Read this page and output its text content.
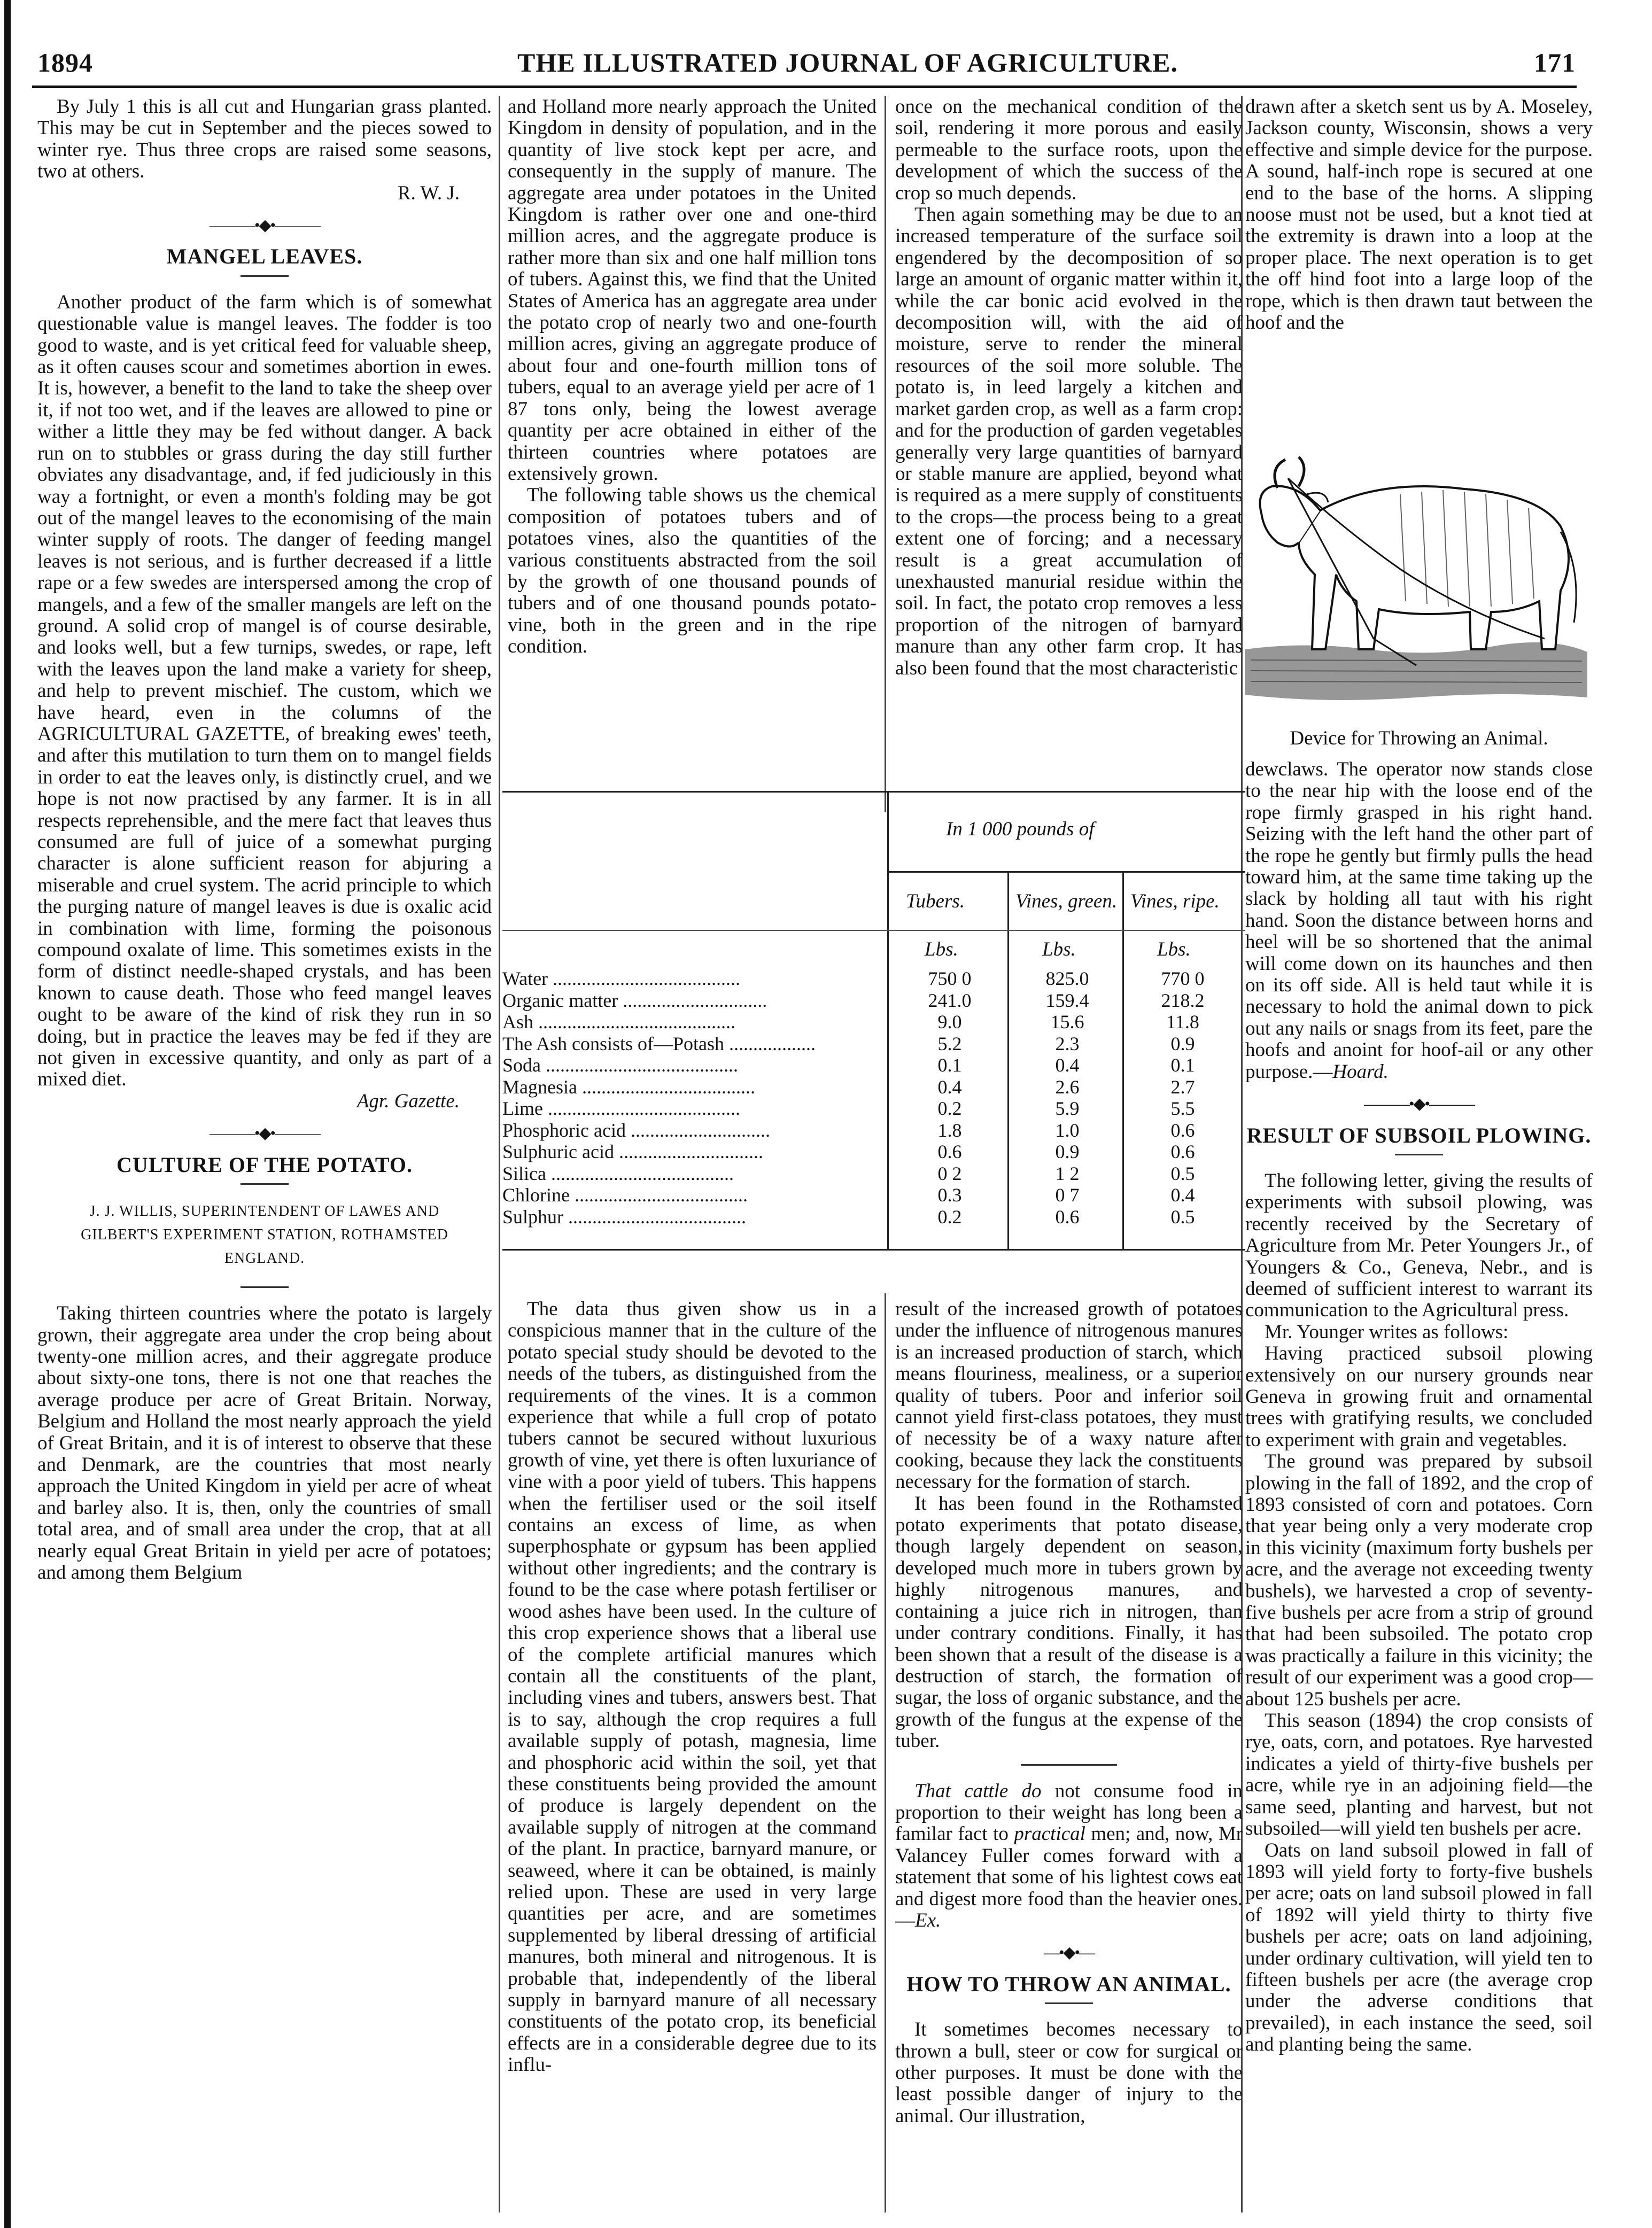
1894	THE ILLUSTRATED JOURNAL OF AGRICULTURE.	171

By July 1 this is all cut and Hungarian grass planted. This may be cut in September and the pieces sowed to winter rye. Thus three crops are raised some seasons, two at others.

R. W. J.

———•◆•———
MANGEL LEAVES.

Another product of the farm which is of somewhat questionable value is mangel leaves. The fodder is too good to waste, and is yet critical feed for valuable sheep, as it often causes scour and sometimes abortion in ewes. It is, however, a benefit to the land to take the sheep over it, if not too wet, and if the leaves are allowed to pine or wither a little they may be fed without danger. A back run on to stubbles or grass during the day still further obviates any disadvantage, and, if fed judiciously in this way a fortnight, or even a month's folding may be got out of the mangel leaves to the economising of the main winter supply of roots. The danger of feeding mangel leaves is not serious, and is further decreased if a little rape or a few swedes are interspersed among the crop of mangels, and a few of the smaller mangels are left on the ground. A solid crop of mangel is of course desirable, and looks well, but a few turnips, swedes, or rape, left with the leaves upon the land make a variety for sheep, and help to prevent mischief. The custom, which we have heard, even in the columns of the AGRICULTURAL GAZETTE, of breaking ewes' teeth, and after this mutilation to turn them on to mangel fields in order to eat the leaves only, is distinctly cruel, and we hope is not now practised by any farmer. It is in all respects reprehensible, and the mere fact that leaves thus consumed are full of juice of a somewhat purging character is alone sufficient reason for abjuring a miserable and cruel system. The acrid principle to which the purging nature of mangel leaves is due is oxalic acid in combination with lime, forming the poisonous compound oxalate of lime. This sometimes exists in the form of distinct needle-shaped crystals, and has been known to cause death. Those who feed mangel leaves ought to be aware of the kind of risk they run in so doing, but in practice the leaves may be fed if they are not given in excessive quantity, and only as part of a mixed diet.

Agr. Gazette.

———•◆•———
CULTURE OF THE POTATO.
J. J. WILLIS, SUPERINTENDENT OF LAWES AND GILBERT'S EXPERIMENT STATION, ROTHAMSTED ENGLAND.

Taking thirteen countries where the potato is largely grown, their aggregate area under the crop being about twenty-one million acres, and their aggregate produce about sixty-one tons, there is not one that reaches the average produce per acre of Great Britain. Norway, Belgium and Holland the most nearly approach the yield of Great Britain, and it is of interest to observe that these and Denmark, are the countries that most nearly approach the United Kingdom in yield per acre of wheat and barley also. It is, then, only the countries of small total area, and of small area under the crop, that at all nearly equal Great Britain in yield per acre of potatoes; and among them Belgium

and Holland more nearly approach the United Kingdom in density of population, and in the quantity of live stock kept per acre, and consequently in the supply of manure. The aggregate area under potatoes in the United Kingdom is rather over one and one-third million acres, and the aggregate produce is rather more than six and one half million tons of tubers. Against this, we find that the United States of America has an aggregate area under the potato crop of nearly two and one-fourth million acres, giving an aggregate produce of about four and one-fourth million tons of tubers, equal to an average yield per acre of 1 87 tons only, being the lowest average quantity per acre obtained in either of the thirteen countries where potatoes are extensively grown.

The following table shows us the chemical composition of potatoes tubers and of potatoes vines, also the quantities of the various constituents abstracted from the soil by the growth of one thousand pounds of tubers and of one thousand pounds potato-vine, both in the green and in the ripe condition.

once on the mechanical condition of the soil, rendering it more porous and easily permeable to the surface roots, upon the development of which the success of the crop so much depends.

Then again something may be due to an increased temperature of the surface soil engendered by the decomposition of so large an amount of organic matter within it, while the car bonic acid evolved in the decomposition will, with the aid of moisture, serve to render the mineral resources of the soil more soluble. The potato is, in leed largely a kitchen and market garden crop, as well as a farm crop: and for the production of garden vegetables generally very large quantities of barnyard or stable manure are applied, beyond what is required as a mere supply of constituents to the crops—the process being to a great extent one of forcing; and a necessary result is a great accumulation of unexhausted manurial residue within the soil. In fact, the potato crop removes a less proportion of the nitrogen of barnyard manure than any other farm crop. It has also been found that the most characteristic

In 1 000 pounds of
Tubers.	Vines, green. Vines, ripe.
Lbs.	Lbs.	Lbs.
Water .......................................	750 0	825.0	770 0
Organic matter ..............................	241.0	159.4	218.2
Ash .........................................	9.0	15.6	11.8
The Ash consists of—Potash ..................	5.2	2.3	0.9
Soda ........................................	0.1	0.4	0.1
Magnesia ....................................	0.4	2.6	2.7
Lime ........................................	0.2	5.9	5.5
Phosphoric acid .............................	1.8	1.0	0.6
Sulphuric acid ..............................	0.6	0.9	0.6
Silica ......................................	0 2	1 2	0.5
Chlorine ....................................	0.3	0 7	0.4
Sulphur .....................................	0.2	0.6	0.5

The data thus given show us in a conspicious manner that in the culture of the potato special study should be devoted to the needs of the tubers, as distinguished from the requirements of the vines. It is a common experience that while a full crop of potato tubers cannot be secured without luxurious growth of vine, yet there is often luxuriance of vine with a poor yield of tubers. This happens when the fertiliser used or the soil itself contains an excess of lime, as when superphosphate or gypsum has been applied without other ingredients; and the contrary is found to be the case where potash fertiliser or wood ashes have been used. In the culture of this crop experience shows that a liberal use of the complete artificial manures which contain all the constituents of the plant, including vines and tubers, answers best. That is to say, although the crop requires a full available supply of potash, magnesia, lime and phosphoric acid within the soil, yet that these constituents being provided the amount of produce is largely dependent on the available supply of nitrogen at the command of the plant. In practice, barnyard manure, or seaweed, where it can be obtained, is mainly relied upon. These are used in very large quantities per acre, and are sometimes supplemented by liberal dressing of artificial manures, both mineral and nitrogenous. It is probable that, independently of the liberal supply in barnyard manure of all necessary constituents of the potato crop, its beneficial effects are in a considerable degree due to its influ-

result of the increased growth of potatoes under the influence of nitrogenous manures is an increased production of starch, which means flouriness, mealiness, or a superior quality of tubers. Poor and inferior soil cannot yield first-class potatoes, they must of necessity be of a waxy nature after cooking, because they lack the constituents necessary for the formation of starch.

It has been found in the Rothamsted potato experiments that potato disease, though largely dependent on season, developed much more in tubers grown by highly nitrogenous manures, and containing a juice rich in nitrogen, than under contrary conditions. Finally, it has been shown that a result of the disease is a destruction of starch, the formation of sugar, the loss of organic substance, and the growth of the fungus at the expense of the tuber.

That cattle do not consume food in proportion to their weight has long been a familar fact to practical men; and, now, Mr Valancey Fuller comes forward with a statement that some of his lightest cows eat and digest more food than the heavier ones.—Ex.

—•◆•—
HOW TO THROW AN ANIMAL.

It sometimes becomes necessary to thrown a bull, steer or cow for surgical or other purposes. It must be done with the least possible danger of injury to the animal. Our illustration,

drawn after a sketch sent us by A. Moseley, Jackson county, Wisconsin, shows a very effective and simple device for the purpose. A sound, half-inch rope is secured at one end to the base of the horns. A slipping noose must not be used, but a knot tied at the extremity is drawn into a loop at the proper place. The next operation is to get the off hind foot into a large loop of the rope, which is then drawn taut between the hoof and the

Device for Throwing an Animal.

dewclaws. The operator now stands close to the near hip with the loose end of the rope firmly grasped in his right hand. Seizing with the left hand the other part of the rope he gently but firmly pulls the head toward him, at the same time taking up the slack by holding all taut with his right hand. Soon the distance between horns and heel will be so shortened that the animal will come down on its haunches and then on its off side. All is held taut while it is necessary to hold the animal down to pick out any nails or snags from its feet, pare the hoofs and anoint for hoof-ail or any other purpose.—Hoard.

———•◆•———
RESULT OF SUBSOIL PLOWING.

The following letter, giving the results of experiments with subsoil plowing, was recently received by the Secretary of Agriculture from Mr. Peter Youngers Jr., of Youngers & Co., Geneva, Nebr., and is deemed of sufficient interest to warrant its communication to the Agricultural press.

Mr. Younger writes as follows:

Having practiced subsoil plowing extensively on our nursery grounds near Geneva in growing fruit and ornamental trees with gratifying results, we concluded to experiment with grain and vegetables.

The ground was prepared by subsoil plowing in the fall of 1892, and the crop of 1893 consisted of corn and potatoes. Corn that year being only a very moderate crop in this vicinity (maximum forty bushels per acre, and the average not exceeding twenty bushels), we harvested a crop of seventy-five bushels per acre from a strip of ground that had been subsoiled. The potato crop was practically a failure in this vicinity; the result of our experiment was a good crop—about 125 bushels per acre.

This season (1894) the crop consists of rye, oats, corn, and potatoes. Rye harvested indicates a yield of thirty-five bushels per acre, while rye in an adjoining field—the same seed, planting and harvest, but not subsoiled—will yield ten bushels per acre.

Oats on land subsoil plowed in fall of 1893 will yield forty to forty-five bushels per acre; oats on land subsoil plowed in fall of 1892 will yield thirty to thirty five bushels per acre; oats on land adjoining, under ordinary cultivation, will yield ten to fifteen bushels per acre (the average crop under the adverse conditions that prevailed), in each instance the seed, soil and planting being the same.
